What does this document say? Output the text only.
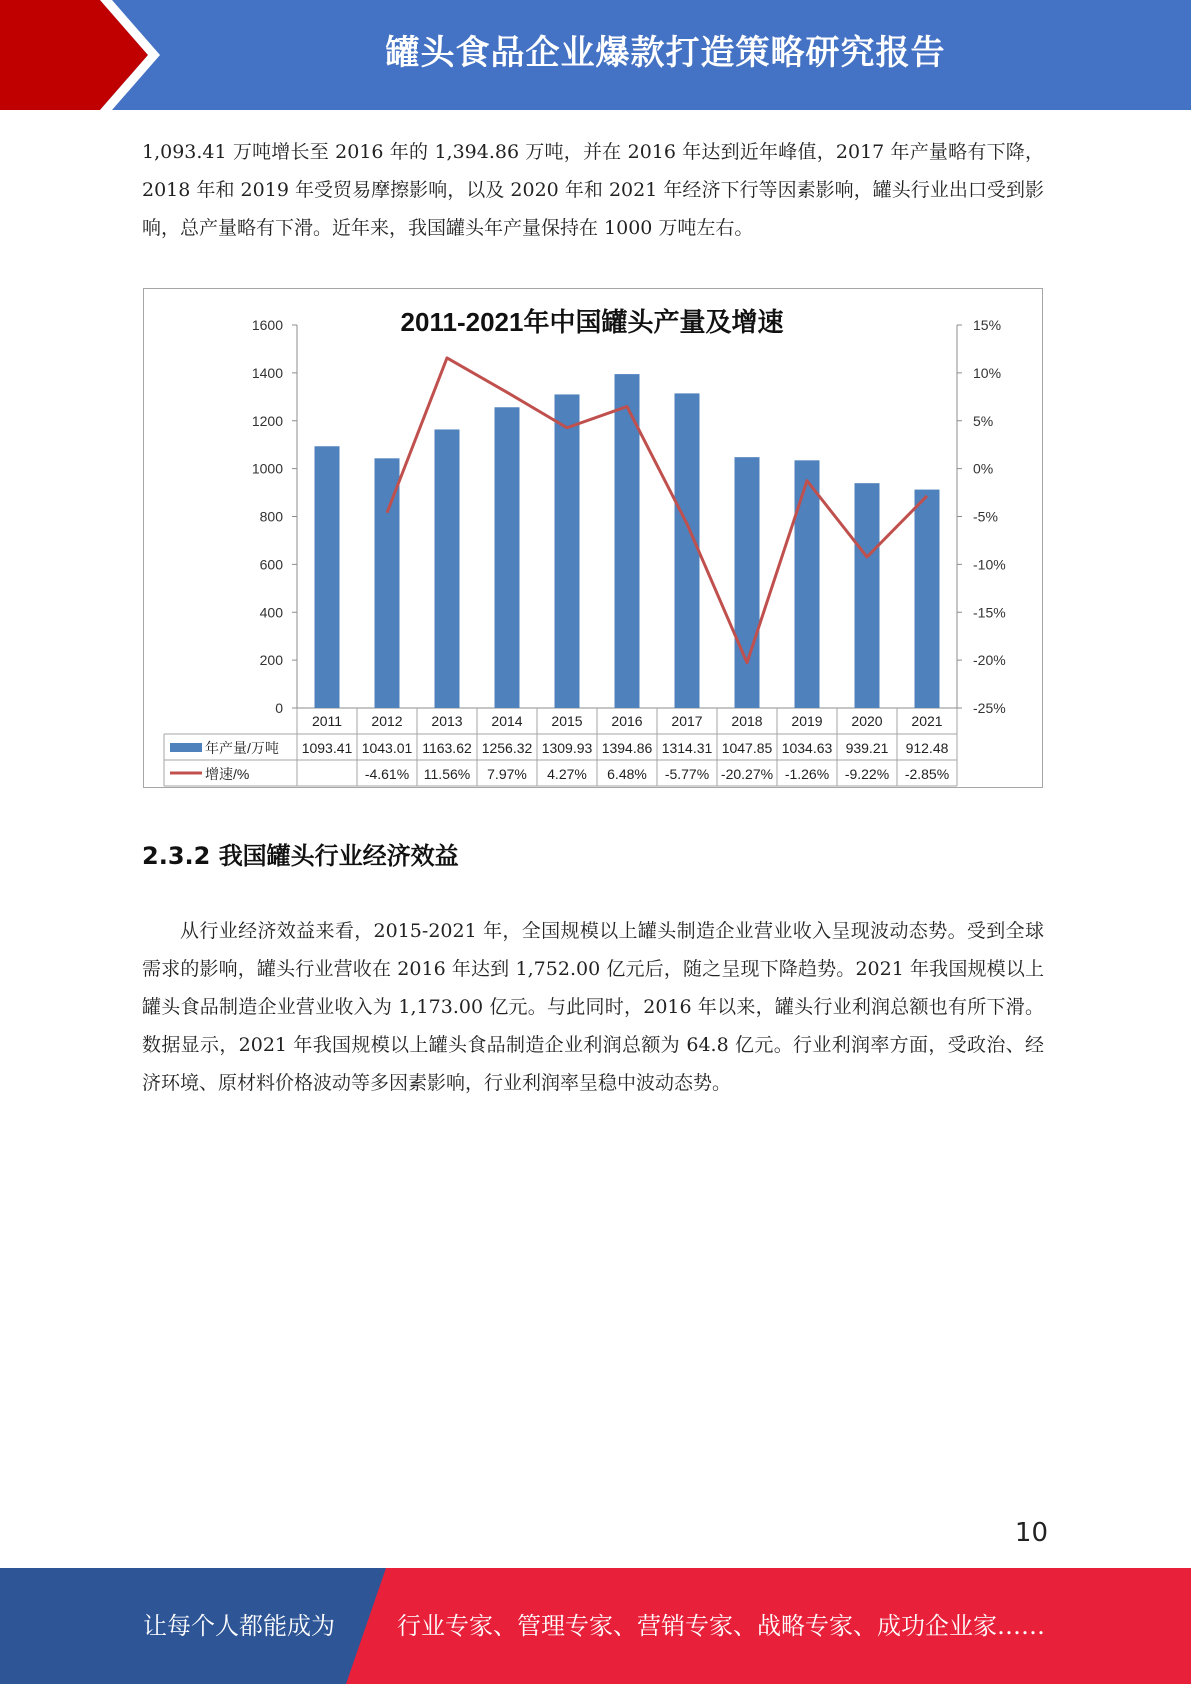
罐头食品企业爆款打造策略研究报告

1,093.41 万吨增长至 2016 年的 1,394.86 万吨，并在 2016 年达到近年峰值，2017 年产量略有下降，2018 年和 2019 年受贸易摩擦影响，以及 2020 年和 2021 年经济下行等因素影响，罐头行业出口受到影响，总产量略有下滑。近年来，我国罐头年产量保持在 1000 万吨左右。

2011-2021年中国罐头产量及增速
0
200
400
600
800
1000
1200
1400
1600
-25%
-20%
-15%
-10%
-5%
0%
5%
10%
15%
2011 2012 2013 2014 2015 2016 2017 2018 2019 2020 2021
年产量/万吨
增速/%
1093.41 1043.01 1163.62 1256.32 1309.93 1394.86 1314.31 1047.85 1034.63 939.21 912.48
-4.61% 11.56% 7.97% 4.27% 6.48% -5.77% -20.27% -1.26% -9.22% -2.85%
2.3.2 我国罐头行业经济效益

从行业经济效益来看，2015-2021 年，全国规模以上罐头制造企业营业收入呈现波动态势。受到全球需求的影响，罐头行业营收在 2016 年达到 1,752.00 亿元后，随之呈现下降趋势。2021 年我国规模以上罐头食品制造企业营业收入为 1,173.00 亿元。与此同时，2016 年以来，罐头行业利润总额也有所下滑。数据显示，2021 年我国规模以上罐头食品制造企业利润总额为 64.8 亿元。行业利润率方面，受政治、经济环境、原材料价格波动等多因素影响，行业利润率呈稳中波动态势。

10
让每个人都能成为	行业专家、管理专家、营销专家、战略专家、成功企业家……
